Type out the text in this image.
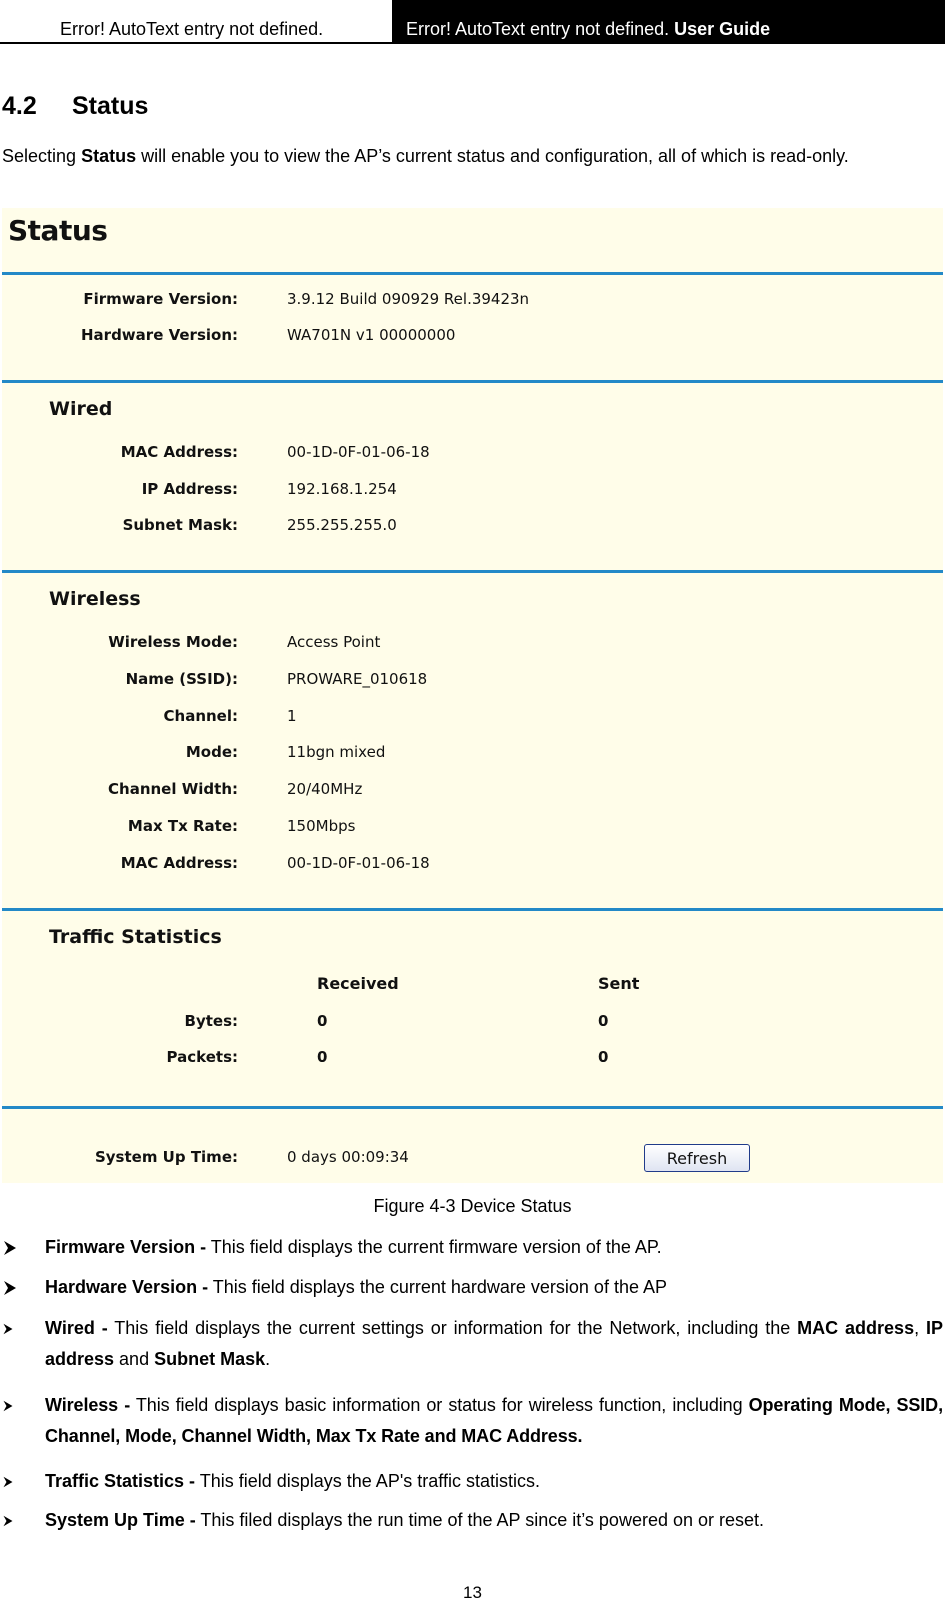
Error! AutoText entry not defined.	Error! AutoText entry not defined. User Guide
4.2 Status

Selecting Status will enable you to view the AP’s current status and configuration, all of which is read-only.

Status
Firmware Version:	3.9.12 Build 090929 Rel.39423n
Hardware Version:	WA701N v1 00000000
Wired
MAC Address:	00-1D-0F-01-06-18
IP Address:	192.168.1.254
Subnet Mask:	255.255.255.0
Wireless
Wireless Mode:	Access Point
Name (SSID):	PROWARE_010618
Channel:	1
Mode:	11bgn mixed
Channel Width:	20/40MHz
Max Tx Rate:	150Mbps
MAC Address:	00-1D-0F-01-06-18
Traffic Statistics
Received	Sent
Bytes:	0	0
Packets:	0	0
System Up Time:	0 days 00:09:34	Refresh
Figure 4-3 Device Status

Firmware Version - This field displays the current firmware version of the AP.

Hardware Version - This field displays the current hardware version of the AP

Wired - This field displays the current settings or information for the Network, including the MAC address, IP address and Subnet Mask.

Wireless - This field displays basic information or status for wireless function, including Operating Mode, SSID, Channel, Mode, Channel Width, Max Tx Rate and MAC Address.

Traffic Statistics - This field displays the AP's traffic statistics.

System Up Time - This filed displays the run time of the AP since it’s powered on or reset.

13
